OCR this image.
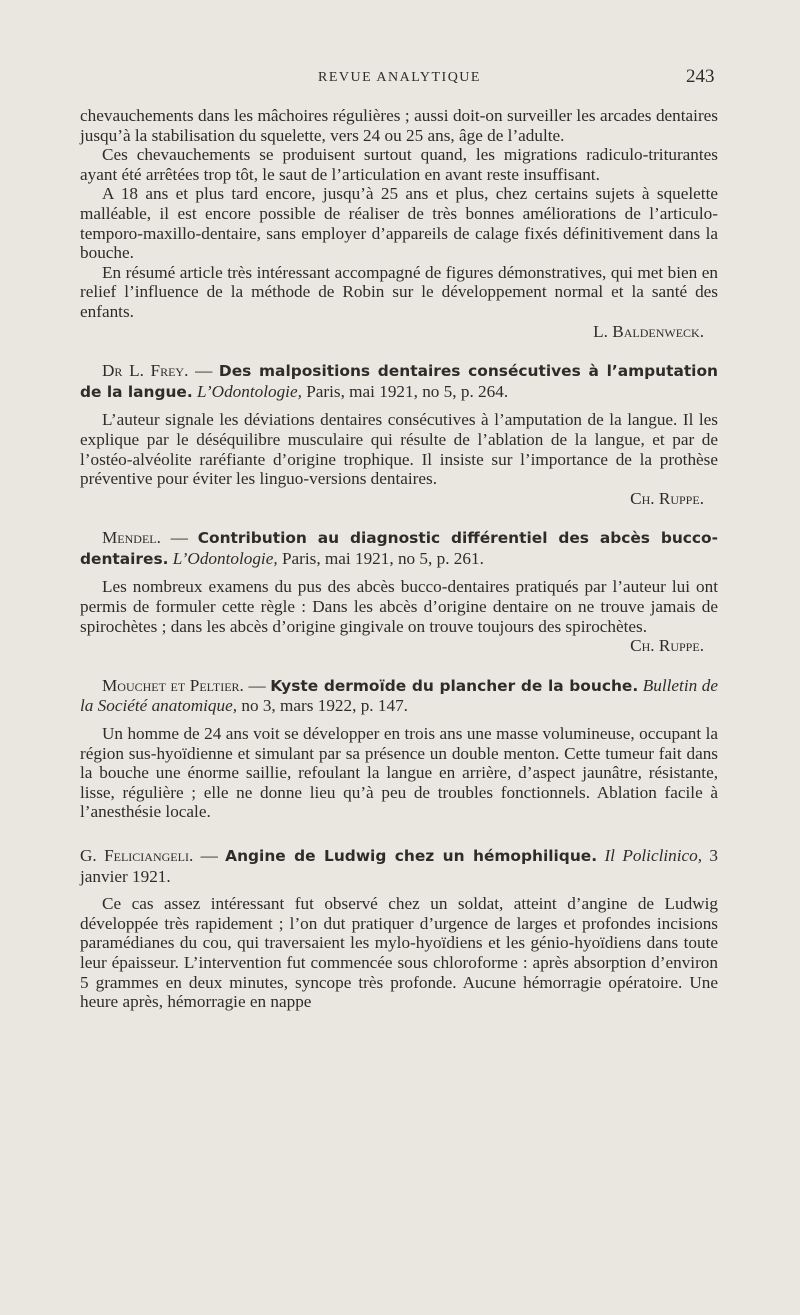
REVUE ANALYTIQUE	243

chevauchements dans les mâchoires régulières ; aussi doit-on surveiller les arcades dentaires jusqu’à la stabilisation du squelette, vers 24 ou 25 ans, âge de l’adulte.

Ces chevauchements se produisent surtout quand, les migrations radiculo-triturantes ayant été arrêtées trop tôt, le saut de l’articulation en avant reste insuffisant.

A 18 ans et plus tard encore, jusqu’à 25 ans et plus, chez certains sujets à squelette malléable, il est encore possible de réaliser de très bonnes améliorations de l’articulo-temporo-maxillo-dentaire, sans employer d’appareils de calage fixés définitivement dans la bouche.

En résumé article très intéressant accompagné de figures démonstratives, qui met bien en relief l’influence de la méthode de Robin sur le développement normal et la santé des enfants.

L. Baldenweck.

Dr L. Frey. — Des malpositions dentaires consécutives à l’amputation de la langue. L’Odontologie, Paris, mai 1921, no 5, p. 264.

L’auteur signale les déviations dentaires consécutives à l’amputation de la langue. Il les explique par le déséquilibre musculaire qui résulte de l’ablation de la langue, et par de l’ostéo-alvéolite raréfiante d’origine trophique. Il insiste sur l’importance de la prothèse préventive pour éviter les linguo-versions dentaires.

Ch. Ruppe.

Mendel. — Contribution au diagnostic différentiel des abcès bucco-dentaires. L’Odontologie, Paris, mai 1921, no 5, p. 261.

Les nombreux examens du pus des abcès bucco-dentaires pratiqués par l’auteur lui ont permis de formuler cette règle : Dans les abcès d’origine dentaire on ne trouve jamais de spirochètes ; dans les abcès d’origine gingivale on trouve toujours des spirochètes.

Ch. Ruppe.

Mouchet et Peltier. — Kyste dermoïde du plancher de la bouche. Bulletin de la Société anatomique, no 3, mars 1922, p. 147.

Un homme de 24 ans voit se développer en trois ans une masse volumineuse, occupant la région sus-hyoïdienne et simulant par sa présence un double menton. Cette tumeur fait dans la bouche une énorme saillie, refoulant la langue en arrière, d’aspect jaunâtre, résistante, lisse, régulière ; elle ne donne lieu qu’à peu de troubles fonctionnels. Ablation facile à l’anesthésie locale.

G. Feliciangeli. — Angine de Ludwig chez un hémophilique. Il Policlinico, 3 janvier 1921.

Ce cas assez intéressant fut observé chez un soldat, atteint d’angine de Ludwig développée très rapidement ; l’on dut pratiquer d’urgence de larges et profondes incisions paramédianes du cou, qui traversaient les mylo-hyoïdiens et les génio-hyoïdiens dans toute leur épaisseur. L’intervention fut commencée sous chloroforme : après absorption d’environ 5 grammes en deux minutes, syncope très profonde. Aucune hémorragie opératoire. Une heure après, hémorragie en nappe
